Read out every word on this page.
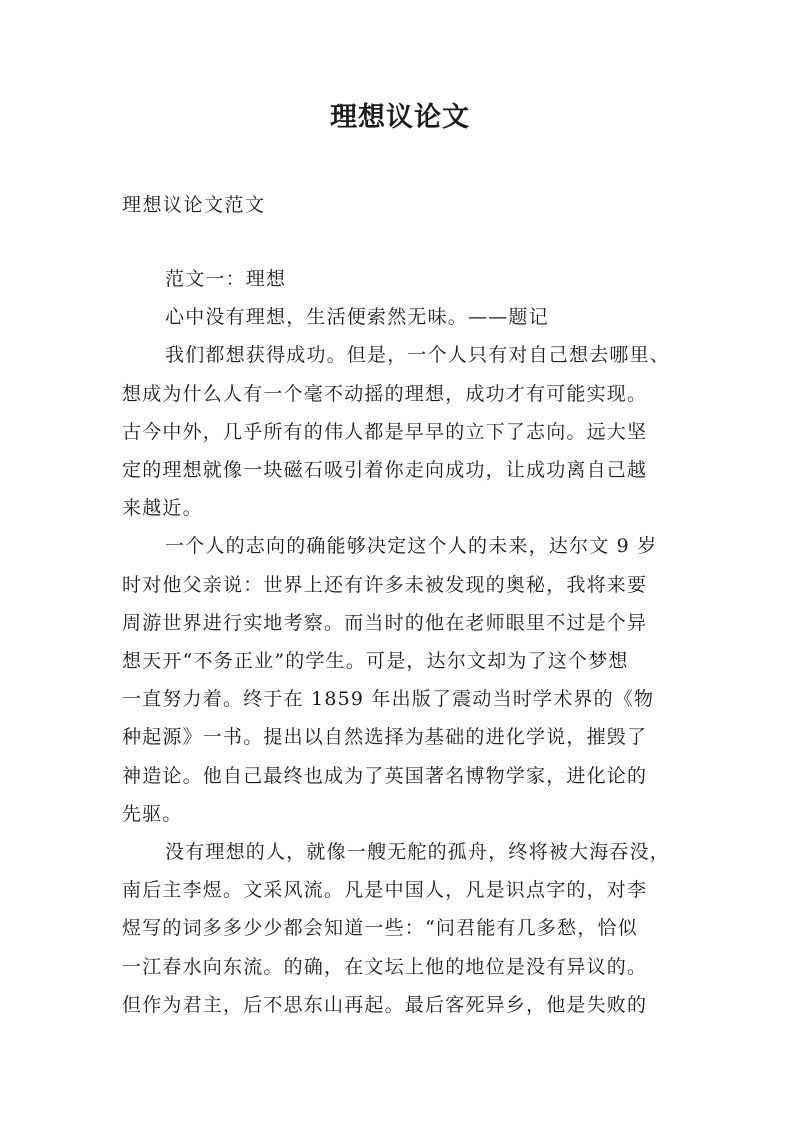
理想议论文
理想议论文范文
范文一：理想
心中没有理想，生活便索然无味。——题记
我们都想获得成功。但是，一个人只有对自己想去哪里、
想成为什么人有一个毫不动摇的理想，成功才有可能实现。
古今中外，几乎所有的伟人都是早早的立下了志向。远大坚
定的理想就像一块磁石吸引着你走向成功，让成功离自己越
来越近。
一个人的志向的确能够决定这个人的未来，达尔文 9 岁
时对他父亲说：世界上还有许多未被发现的奥秘，我将来要
周游世界进行实地考察。而当时的他在老师眼里不过是个异
想天开“不务正业”的学生。可是，达尔文却为了这个梦想
一直努力着。终于在 1859 年出版了震动当时学术界的《物
种起源》一书。提出以自然选择为基础的进化学说，摧毁了
神造论。他自己最终也成为了英国著名博物学家，进化论的
先驱。
没有理想的人，就像一艘无舵的孤舟，终将被大海吞没，
南后主李煜。文采风流。凡是中国人，凡是识点字的，对李
煜写的词多多少少都会知道一些：“问君能有几多愁，恰似
一江春水向东流。的确，在文坛上他的地位是没有异议的。
但作为君主，后不思东山再起。最后客死异乡，他是失败的
